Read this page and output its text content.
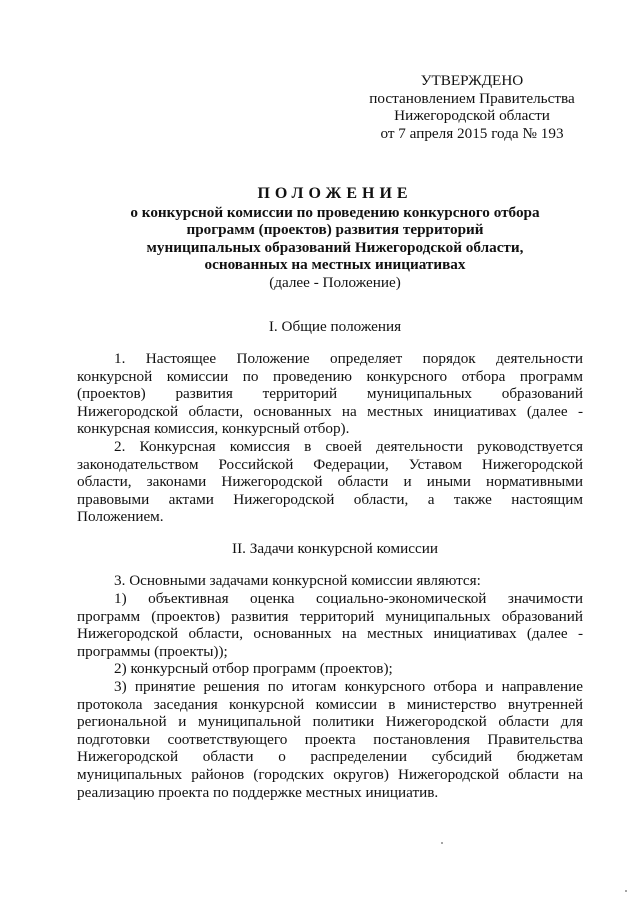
УТВЕРЖДЕНО
постановлением Правительства
Нижегородской области
от 7 апреля 2015 года № 193
ПОЛОЖЕНИЕ
о конкурсной комиссии по проведению конкурсного отбора
программ (проектов) развития территорий
муниципальных образований Нижегородской области,
основанных на местных инициативах
(далее - Положение)
I. Общие положения
1. Настоящее Положение определяет порядок деятельности
конкурсной комиссии по проведению конкурсного отбора программ
(проектов) развития территорий муниципальных образований
Нижегородской области, основанных на местных инициативах (далее -
конкурсная комиссия, конкурсный отбор).
2. Конкурсная комиссия в своей деятельности руководствуется
законодательством Российской Федерации, Уставом Нижегородской
области, законами Нижегородской области и иными нормативными
правовыми актами Нижегородской области, а также настоящим
Положением.
II. Задачи конкурсной комиссии
3. Основными задачами конкурсной комиссии являются:
1) объективная оценка социально-экономической значимости
программ (проектов) развития территорий муниципальных образований
Нижегородской области, основанных на местных инициативах (далее -
программы (проекты));
2) конкурсный отбор программ (проектов);
3) принятие решения по итогам конкурсного отбора и направление
протокола заседания конкурсной комиссии в министерство внутренней
региональной и муниципальной политики Нижегородской области для
подготовки соответствующего проекта постановления Правительства
Нижегородской области о распределении субсидий бюджетам
муниципальных районов (городских округов) Нижегородской области на
реализацию проекта по поддержке местных инициатив.
